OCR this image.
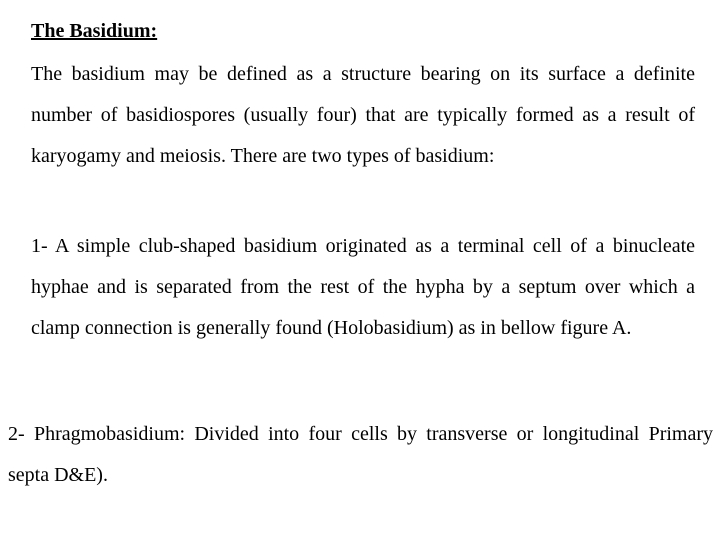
The Basidium:

The basidium may be defined as a structure bearing on its surface a definite number of basidiospores (usually four) that are typically formed as a result of karyogamy and meiosis. There are two types of basidium:

1- A simple club-shaped basidium originated as a terminal cell of a binucleate hyphae and is separated from the rest of the hypha by a septum over which a clamp connection is generally found (Holobasidium) as in bellow figure A.

2- Phragmobasidium: Divided into four cells by transverse or longitudinal Primary septa D&E).
